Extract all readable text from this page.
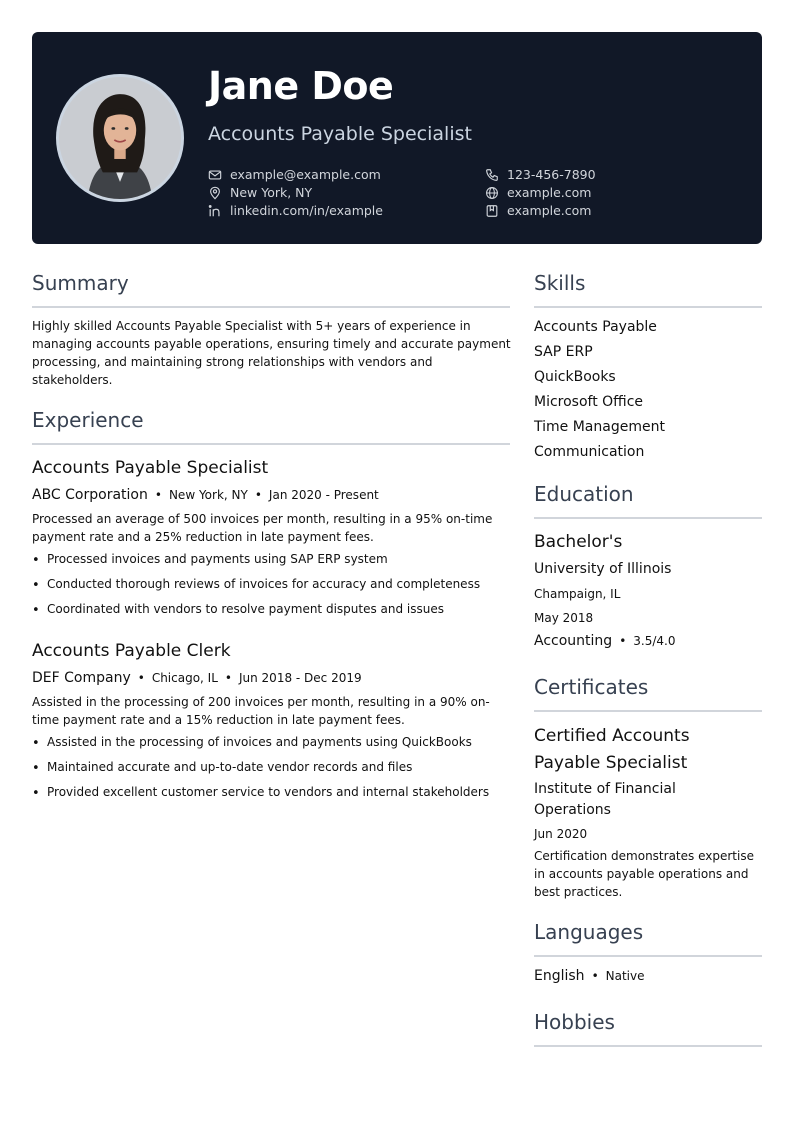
Jane Doe
Accounts Payable Specialist
example@example.com	123-456-7890
New York, NY	example.com
linkedin.com/in/example	example.com
Summary
Highly skilled Accounts Payable Specialist with 5+ years of experience in managing accounts payable operations, ensuring timely and accurate payment processing, and maintaining strong relationships with vendors and stakeholders.
Experience
Accounts Payable Specialist
ABC Corporation • New York, NY • Jan 2020 - Present
Processed an average of 500 invoices per month, resulting in a 95% on-time payment rate and a 25% reduction in late payment fees.
• Processed invoices and payments using SAP ERP system
• Conducted thorough reviews of invoices for accuracy and completeness
• Coordinated with vendors to resolve payment disputes and issues
Accounts Payable Clerk
DEF Company • Chicago, IL • Jun 2018 - Dec 2019
Assisted in the processing of 200 invoices per month, resulting in a 90% on-time payment rate and a 15% reduction in late payment fees.
• Assisted in the processing of invoices and payments using QuickBooks
• Maintained accurate and up-to-date vendor records and files
• Provided excellent customer service to vendors and internal stakeholders
Skills
Accounts Payable
SAP ERP
QuickBooks
Microsoft Office
Time Management
Communication
Education
Bachelor's
University of Illinois
Champaign, IL
May 2018
Accounting • 3.5/4.0
Certificates
Certified Accounts
Payable Specialist
Institute of Financial
Operations
Jun 2020
Certification demonstrates expertise in accounts payable operations and best practices.
Languages
English • Native
Hobbies
